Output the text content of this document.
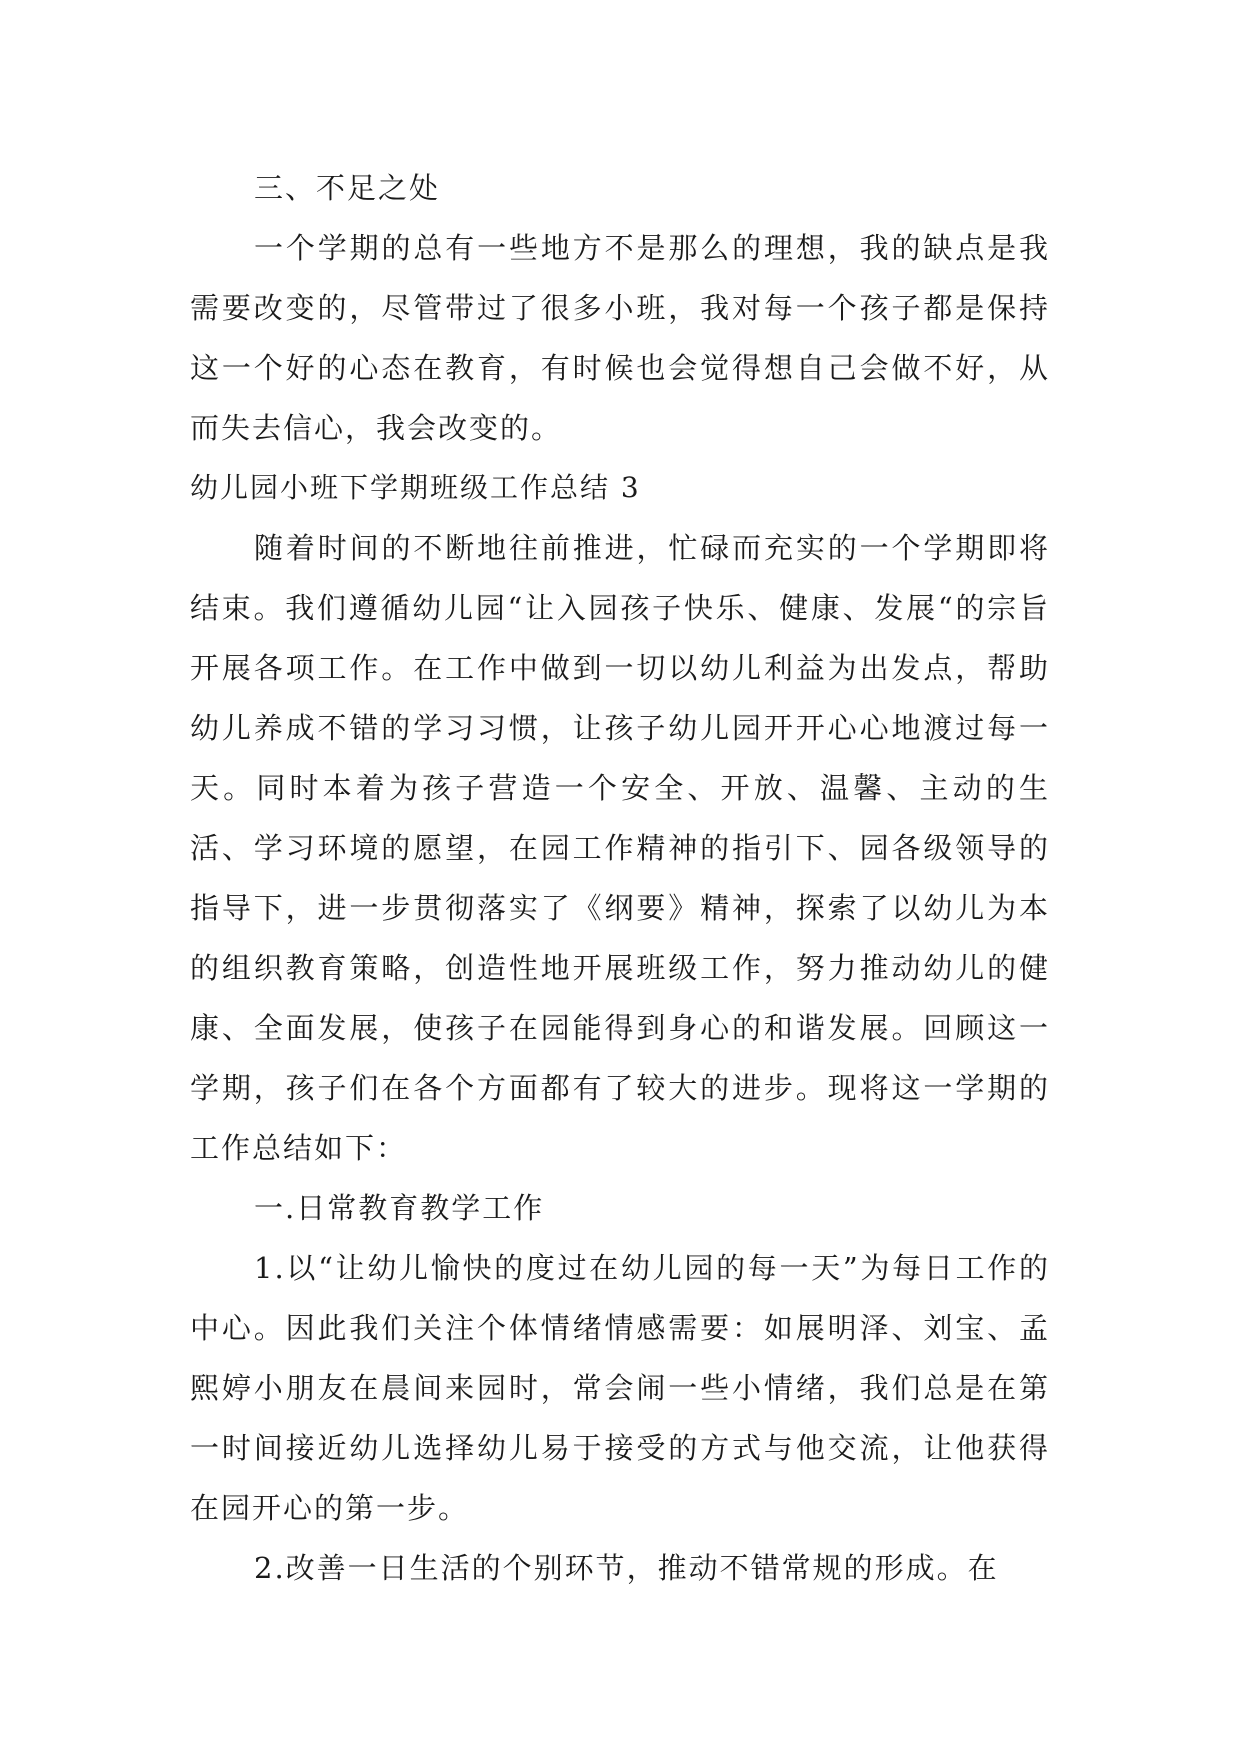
三、不足之处

一个学期的总有一些地方不是那么的理想，我的缺点是我需要改变的，尽管带过了很多小班，我对每一个孩子都是保持这一个好的心态在教育，有时候也会觉得想自己会做不好，从而失去信心，我会改变的。

幼儿园小班下学期班级工作总结 3

随着时间的不断地往前推进，忙碌而充实的一个学期即将结束。我们遵循幼儿园“让入园孩子快乐、健康、发展“的宗旨开展各项工作。在工作中做到一切以幼儿利益为出发点，帮助幼儿养成不错的学习习惯，让孩子幼儿园开开心心地渡过每一天。同时本着为孩子营造一个安全、开放、温馨、主动的生活、学习环境的愿望，在园工作精神的指引下、园各级领导的指导下，进一步贯彻落实了《纲要》精神，探索了以幼儿为本的组织教育策略，创造性地开展班级工作，努力推动幼儿的健康、全面发展，使孩子在园能得到身心的和谐发展。回顾这一学期，孩子们在各个方面都有了较大的进步。现将这一学期的工作总结如下：

一.日常教育教学工作

1.以“让幼儿愉快的度过在幼儿园的每一天”为每日工作的中心。因此我们关注个体情绪情感需要：如展明泽、刘宝、孟熙婷小朋友在晨间来园时，常会闹一些小情绪，我们总是在第一时间接近幼儿选择幼儿易于接受的方式与他交流，让他获得在园开心的第一步。

2.改善一日生活的个别环节，推动不错常规的形成。在
